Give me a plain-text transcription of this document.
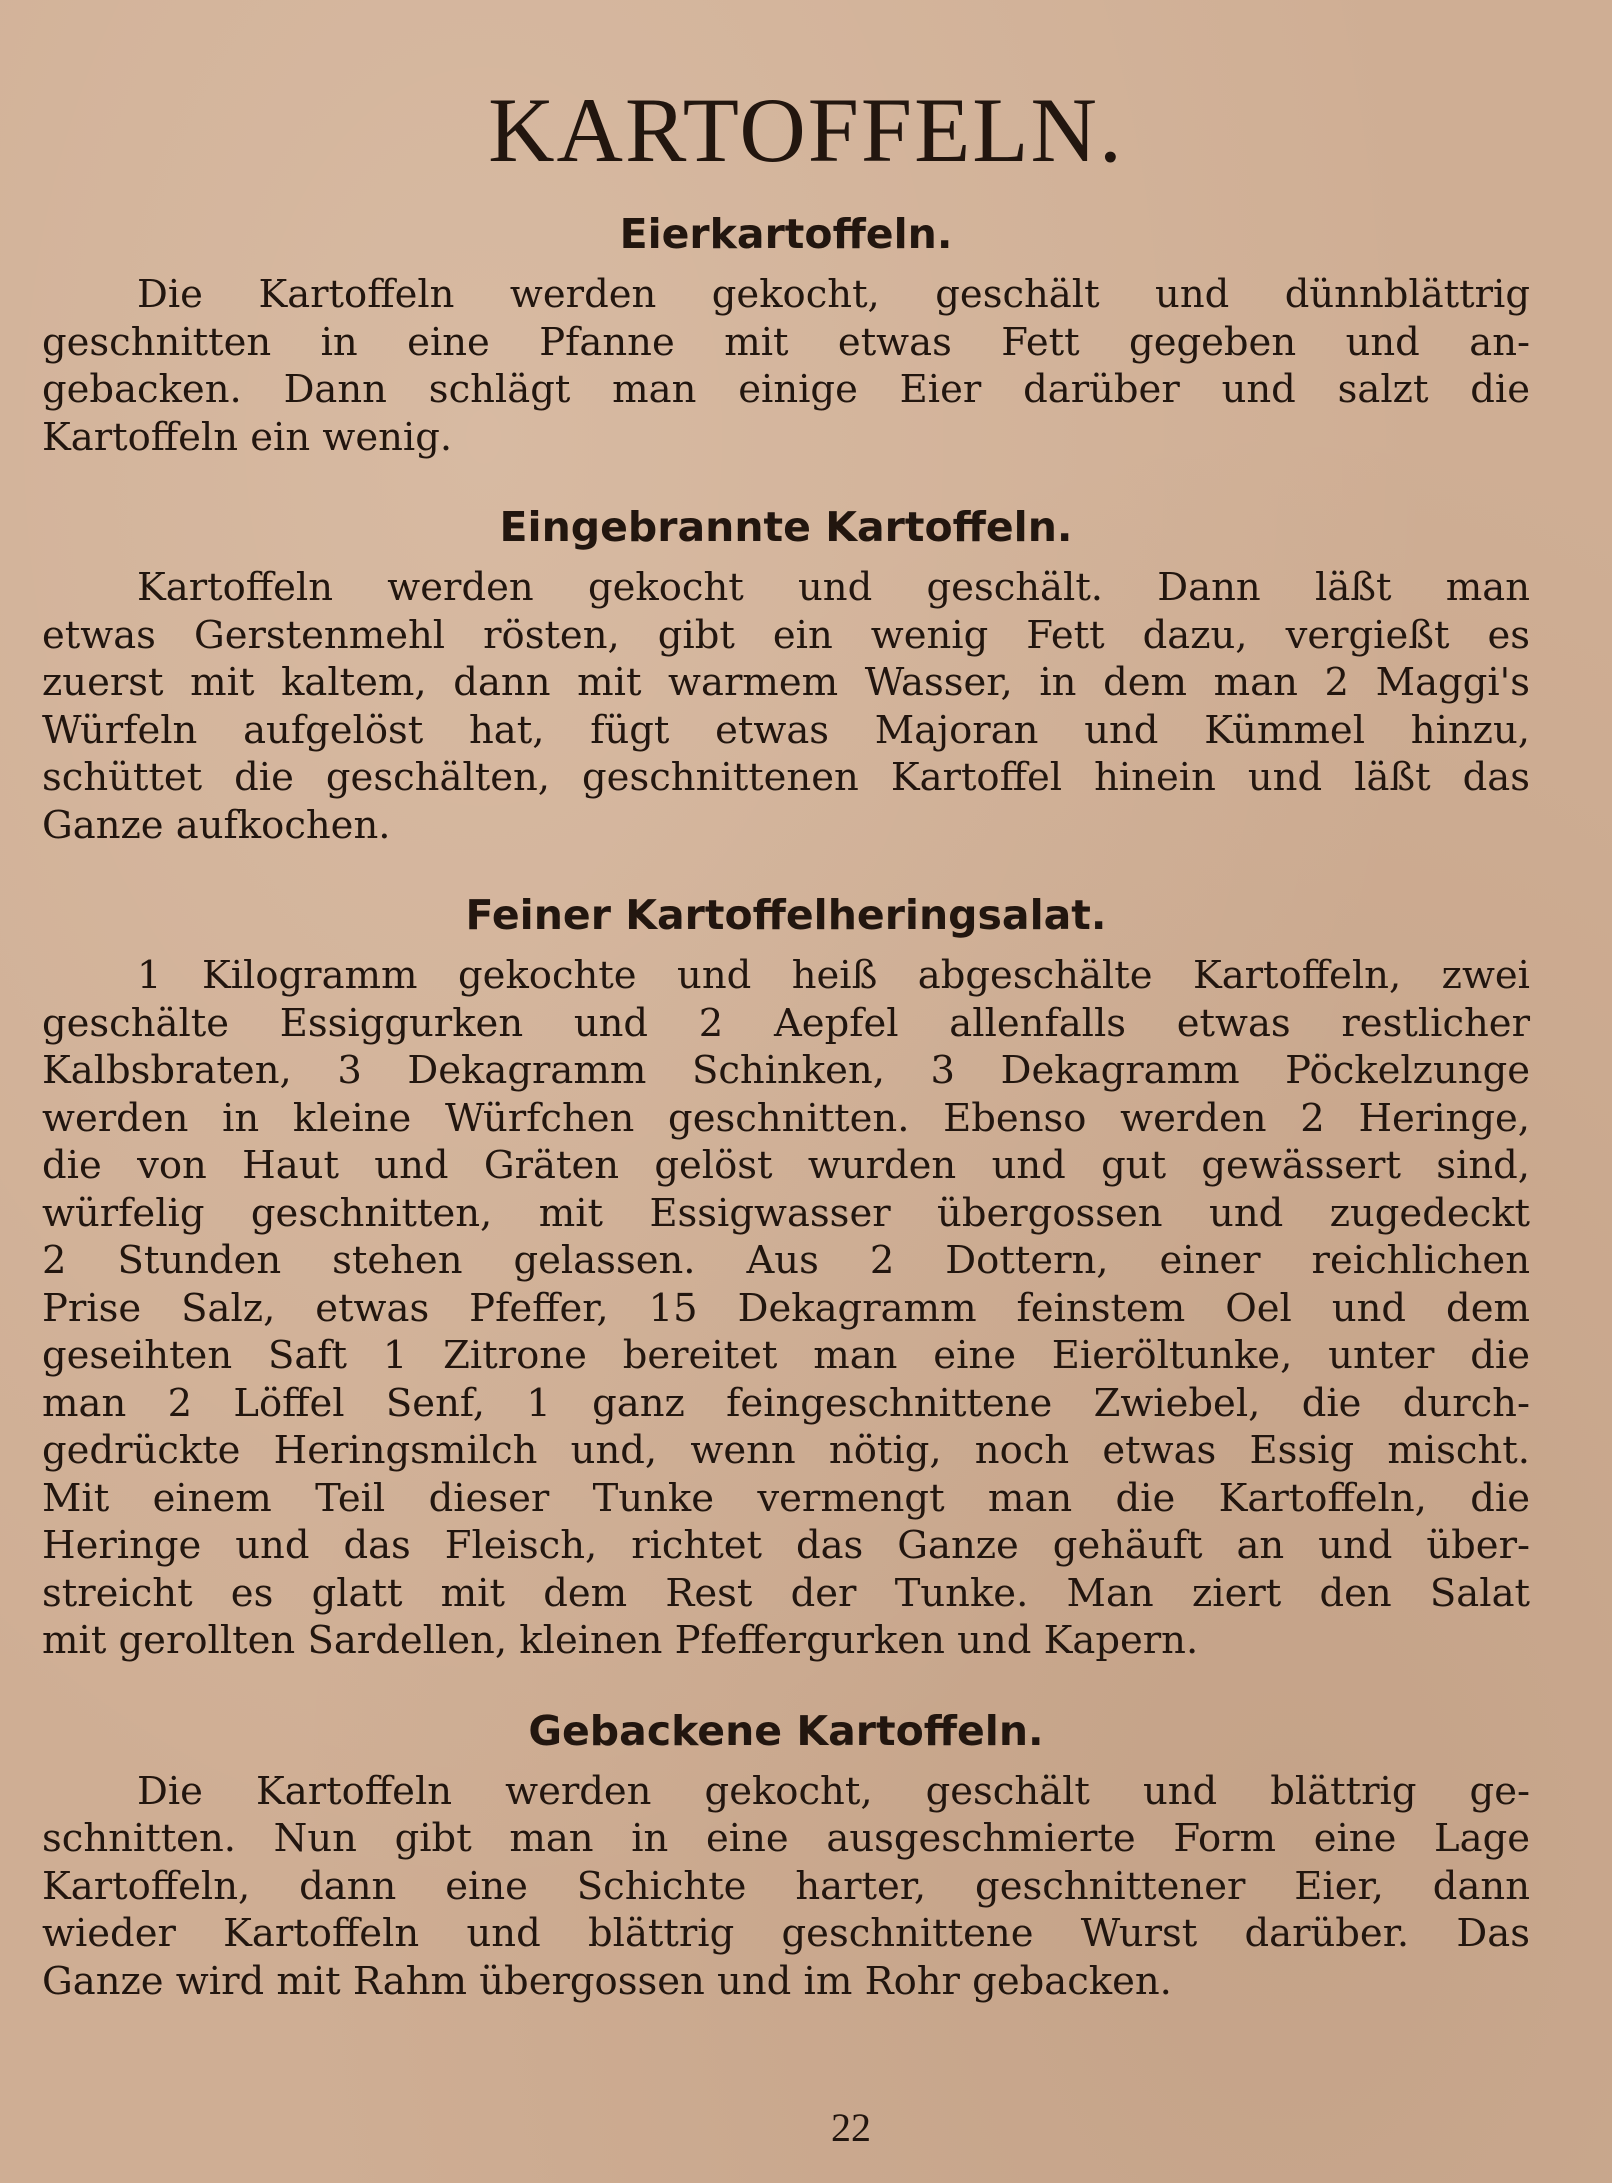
KARTOFFELN.
Eierkartoffeln.

Die Kartoffeln werden gekocht, geschält und dünnblättrig
geschnitten in eine Pfanne mit etwas Fett gegeben und an-
gebacken. Dann schlägt man einige Eier darüber und salzt die
Kartoffeln ein wenig.

Eingebrannte Kartoffeln.

Kartoffeln werden gekocht und geschält. Dann läßt man
etwas Gerstenmehl rösten, gibt ein wenig Fett dazu, vergießt es
zuerst mit kaltem, dann mit warmem Wasser, in dem man 2 Maggi's
Würfeln aufgelöst hat, fügt etwas Majoran und Kümmel hinzu,
schüttet die geschälten, geschnittenen Kartoffel hinein und läßt das
Ganze aufkochen.

Feiner Kartoffelheringsalat.

1 Kilogramm gekochte und heiß abgeschälte Kartoffeln, zwei
geschälte Essiggurken und 2 Aepfel allenfalls etwas restlicher
Kalbsbraten, 3 Dekagramm Schinken, 3 Dekagramm Pöckelzunge
werden in kleine Würfchen geschnitten. Ebenso werden 2 Heringe,
die von Haut und Gräten gelöst wurden und gut gewässert sind,
würfelig geschnitten, mit Essigwasser übergossen und zugedeckt
2 Stunden stehen gelassen. Aus 2 Dottern, einer reichlichen
Prise Salz, etwas Pfeffer, 15 Dekagramm feinstem Oel und dem
geseihten Saft 1 Zitrone bereitet man eine Eieröltunke, unter die
man 2 Löffel Senf, 1 ganz feingeschnittene Zwiebel, die durch-
gedrückte Heringsmilch und, wenn nötig, noch etwas Essig mischt.
Mit einem Teil dieser Tunke vermengt man die Kartoffeln, die
Heringe und das Fleisch, richtet das Ganze gehäuft an und über-
streicht es glatt mit dem Rest der Tunke. Man ziert den Salat
mit gerollten Sardellen, kleinen Pfeffergurken und Kapern.

Gebackene Kartoffeln.

Die Kartoffeln werden gekocht, geschält und blättrig ge-
schnitten. Nun gibt man in eine ausgeschmierte Form eine Lage
Kartoffeln, dann eine Schichte harter, geschnittener Eier, dann
wieder Kartoffeln und blättrig geschnittene Wurst darüber. Das
Ganze wird mit Rahm übergossen und im Rohr gebacken.

22
